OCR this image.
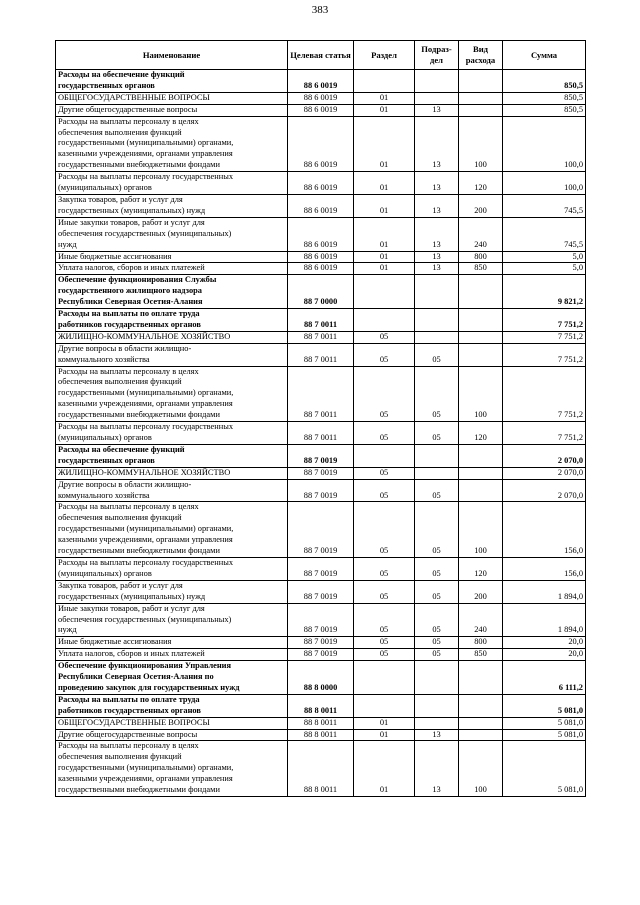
383
Наименование	Целевая статья	Раздел	Подраз-дел	Вид расхода	Сумма
Расходы на обеспечение функций
государственных органов	88 6 0019				850,5
ОБЩЕГОСУДАРСТВЕННЫЕ ВОПРОСЫ	88 6 0019	01			850,5
Другие общегосударственные вопросы	88 6 0019	01	13		850,5
Расходы на выплаты персоналу в целях
обеспечения выполнения функций
государственными (муниципальными) органами,
казенными учреждениями, органами управления
государственными внебюджетными фондами	88 6 0019	01	13	100	100,0
Расходы на выплаты персоналу государственных
(муниципальных) органов	88 6 0019	01	13	120	100,0
Закупка товаров, работ и услуг для
государственных (муниципальных) нужд	88 6 0019	01	13	200	745,5
Иные закупки товаров, работ и услуг для
обеспечения государственных (муниципальных)
нужд	88 6 0019	01	13	240	745,5
Иные бюджетные ассигнования	88 6 0019	01	13	800	5,0
Уплата налогов, сборов и иных платежей	88 6 0019	01	13	850	5,0
Обеспечение функционирования Службы
государственного жилищного надзора
Республики Северная Осетия-Алания	88 7 0000				9 821,2
Расходы на выплаты по оплате труда
работников государственных органов	88 7 0011				7 751,2
ЖИЛИЩНО-КОММУНАЛЬНОЕ ХОЗЯЙСТВО	88 7 0011	05			7 751,2
Другие вопросы в области жилищно-
коммунального хозяйства	88 7 0011	05	05		7 751,2
Расходы на выплаты персоналу в целях
обеспечения выполнения функций
государственными (муниципальными) органами,
казенными учреждениями, органами управления
государственными внебюджетными фондами	88 7 0011	05	05	100	7 751,2
Расходы на выплаты персоналу государственных
(муниципальных) органов	88 7 0011	05	05	120	7 751,2
Расходы на обеспечение функций
государственных органов	88 7 0019				2 070,0
ЖИЛИЩНО-КОММУНАЛЬНОЕ ХОЗЯЙСТВО	88 7 0019	05			2 070,0
Другие вопросы в области жилищно-
коммунального хозяйства	88 7 0019	05	05		2 070,0
Расходы на выплаты персоналу в целях
обеспечения выполнения функций
государственными (муниципальными) органами,
казенными учреждениями, органами управления
государственными внебюджетными фондами	88 7 0019	05	05	100	156,0
Расходы на выплаты персоналу государственных
(муниципальных) органов	88 7 0019	05	05	120	156,0
Закупка товаров, работ и услуг для
государственных (муниципальных) нужд	88 7 0019	05	05	200	1 894,0
Иные закупки товаров, работ и услуг для
обеспечения государственных (муниципальных)
нужд	88 7 0019	05	05	240	1 894,0
Иные бюджетные ассигнования	88 7 0019	05	05	800	20,0
Уплата налогов, сборов и иных платежей	88 7 0019	05	05	850	20,0
Обеспечение функционирования Управления
Республики Северная Осетия-Алания по
проведению закупок для государственных нужд	88 8 0000				6 111,2
Расходы на выплаты по оплате труда
работников государственных органов	88 8 0011				5 081,0
ОБЩЕГОСУДАРСТВЕННЫЕ ВОПРОСЫ	88 8 0011	01			5 081,0
Другие общегосударственные вопросы	88 8 0011	01	13		5 081,0
Расходы на выплаты персоналу в целях
обеспечения выполнения функций
государственными (муниципальными) органами,
казенными учреждениями, органами управления
государственными внебюджетными фондами	88 8 0011	01	13	100	5 081,0
